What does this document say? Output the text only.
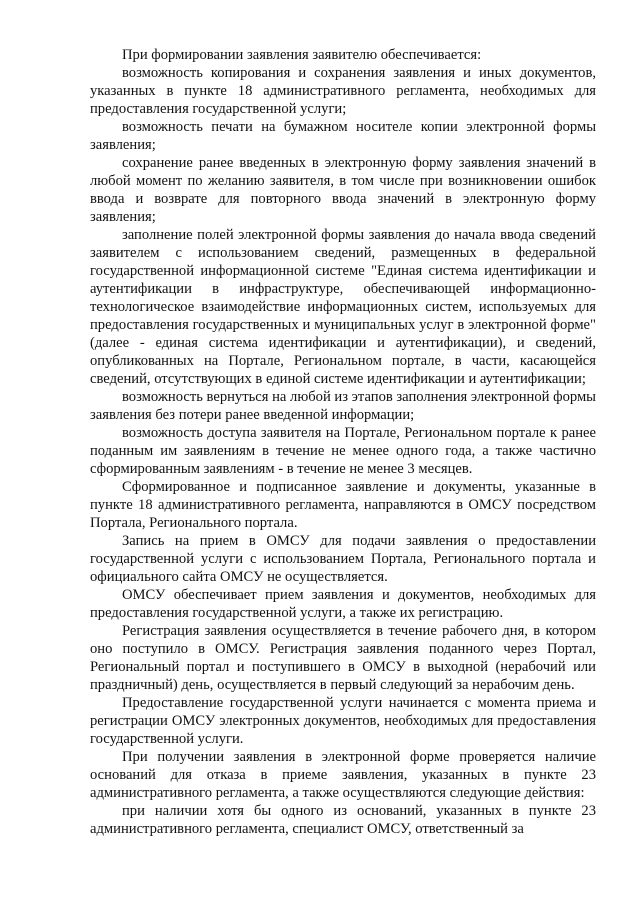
При формировании заявления заявителю обеспечивается:

возможность копирования и сохранения заявления и иных документов, указанных в пункте 18 административного регламента, необходимых для предоставления государственной услуги;

возможность печати на бумажном носителе копии электронной формы заявления;

сохранение ранее введенных в электронную форму заявления значений в любой момент по желанию заявителя, в том числе при возникновении ошибок ввода и возврате для повторного ввода значений в электронную форму заявления;

заполнение полей электронной формы заявления до начала ввода сведений заявителем с использованием сведений, размещенных в федеральной государственной информационной системе "Единая система идентификации и аутентификации в инфраструктуре, обеспечивающей информационно-технологическое взаимодействие информационных систем, используемых для предоставления государственных и муниципальных услуг в электронной форме" (далее - единая система идентификации и аутентификации), и сведений, опубликованных на Портале, Региональном портале, в части, касающейся сведений, отсутствующих в единой системе идентификации и аутентификации;

возможность вернуться на любой из этапов заполнения электронной формы заявления без потери ранее введенной информации;

возможность доступа заявителя на Портале, Региональном портале к ранее поданным им заявлениям в течение не менее одного года, а также частично сформированным заявлениям - в течение не менее 3 месяцев.

Сформированное и подписанное заявление и документы, указанные в пункте 18 административного регламента, направляются в ОМСУ посредством Портала, Регионального портала.

Запись на прием в ОМСУ для подачи заявления о предоставлении государственной услуги с использованием Портала, Регионального портала и официального сайта ОМСУ не осуществляется.

ОМСУ обеспечивает прием заявления и документов, необходимых для предоставления государственной услуги, а также их регистрацию.

Регистрация заявления осуществляется в течение рабочего дня, в котором оно поступило в ОМСУ. Регистрация заявления поданного через Портал, Региональный портал и поступившего в ОМСУ в выходной (нерабочий или праздничный) день, осуществляется в первый следующий за нерабочим день.

Предоставление государственной услуги начинается с момента приема и регистрации ОМСУ электронных документов, необходимых для предоставления государственной услуги.

При получении заявления в электронной форме проверяется наличие оснований для отказа в приеме заявления, указанных в пункте 23 административного регламента, а также осуществляются следующие действия:

при наличии хотя бы одного из оснований, указанных в пункте 23 административного регламента, специалист ОМСУ, ответственный за
